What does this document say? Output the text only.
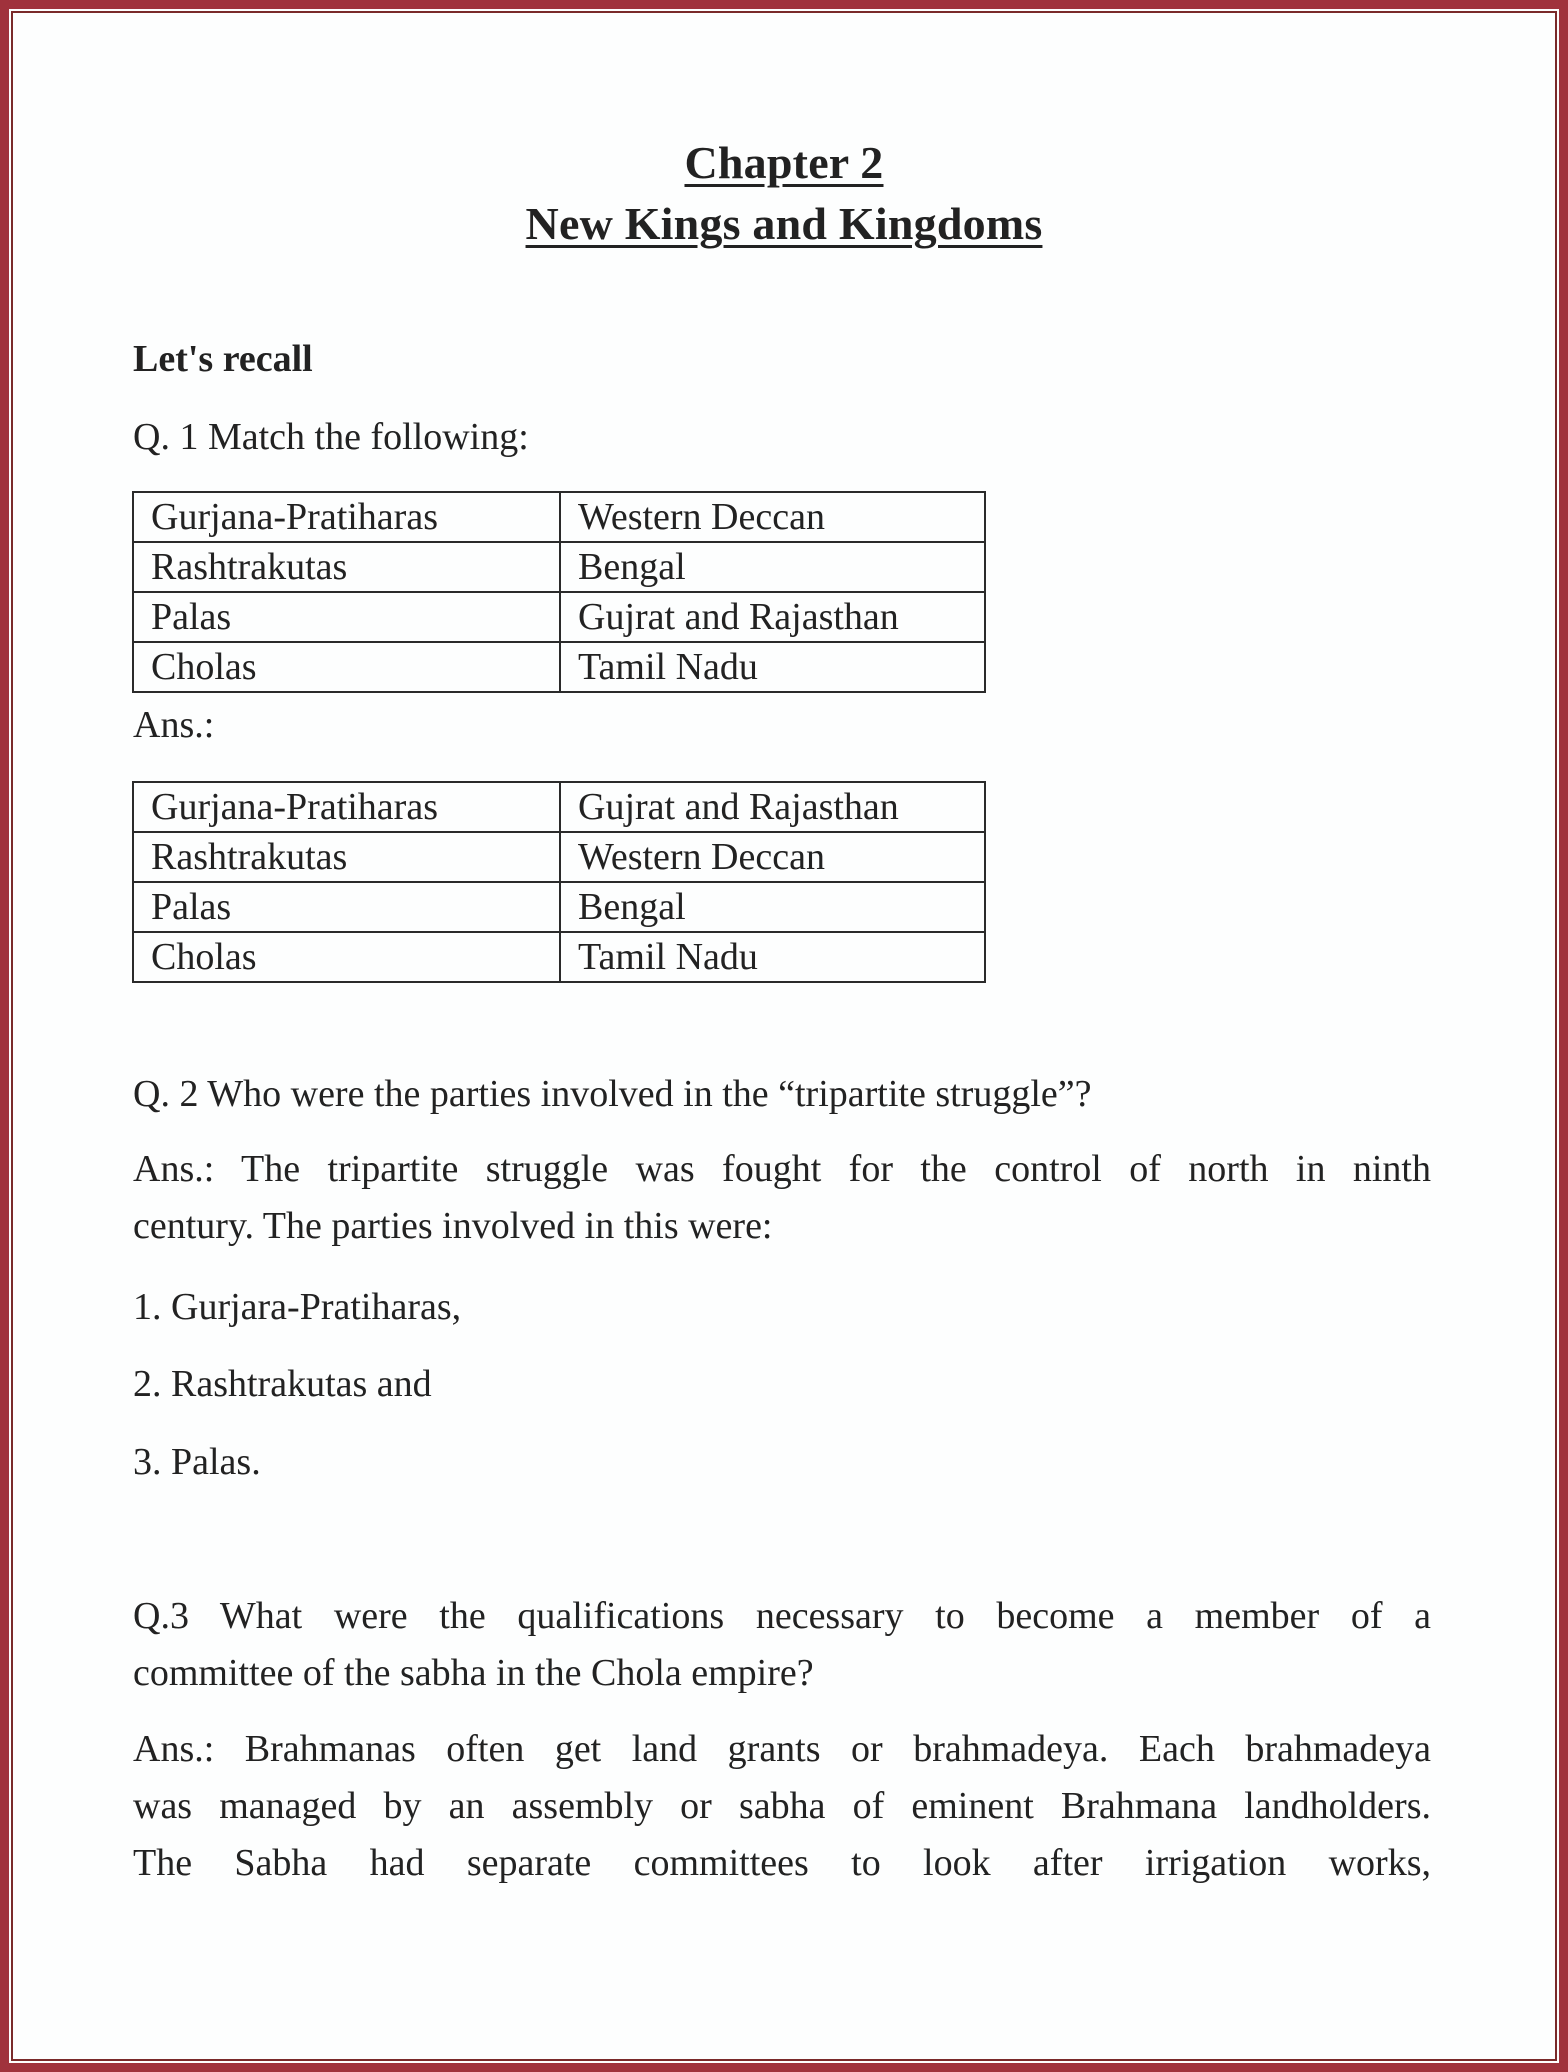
Chapter 2
New Kings and Kingdoms
Let's recall
Q. 1 Match the following:
Gurjana-Pratiharas	Western Deccan
Rashtrakutas	Bengal
Palas	Gujrat and Rajasthan
Cholas	Tamil Nadu
Ans.:
Gurjana-Pratiharas	Gujrat and Rajasthan
Rashtrakutas	Western Deccan
Palas	Bengal
Cholas	Tamil Nadu
Q. 2 Who were the parties involved in the “tripartite struggle”?
Ans.: The tripartite struggle was fought for the control of north in ninth
century. The parties involved in this were:
1. Gurjara-Pratiharas,
2. Rashtrakutas and
3. Palas.
Q.3 What were the qualifications necessary to become a member of a
committee of the sabha in the Chola empire?
Ans.: Brahmanas often get land grants or brahmadeya. Each brahmadeya
was managed by an assembly or sabha of eminent Brahmana landholders.
The Sabha had separate committees to look after irrigation works,
